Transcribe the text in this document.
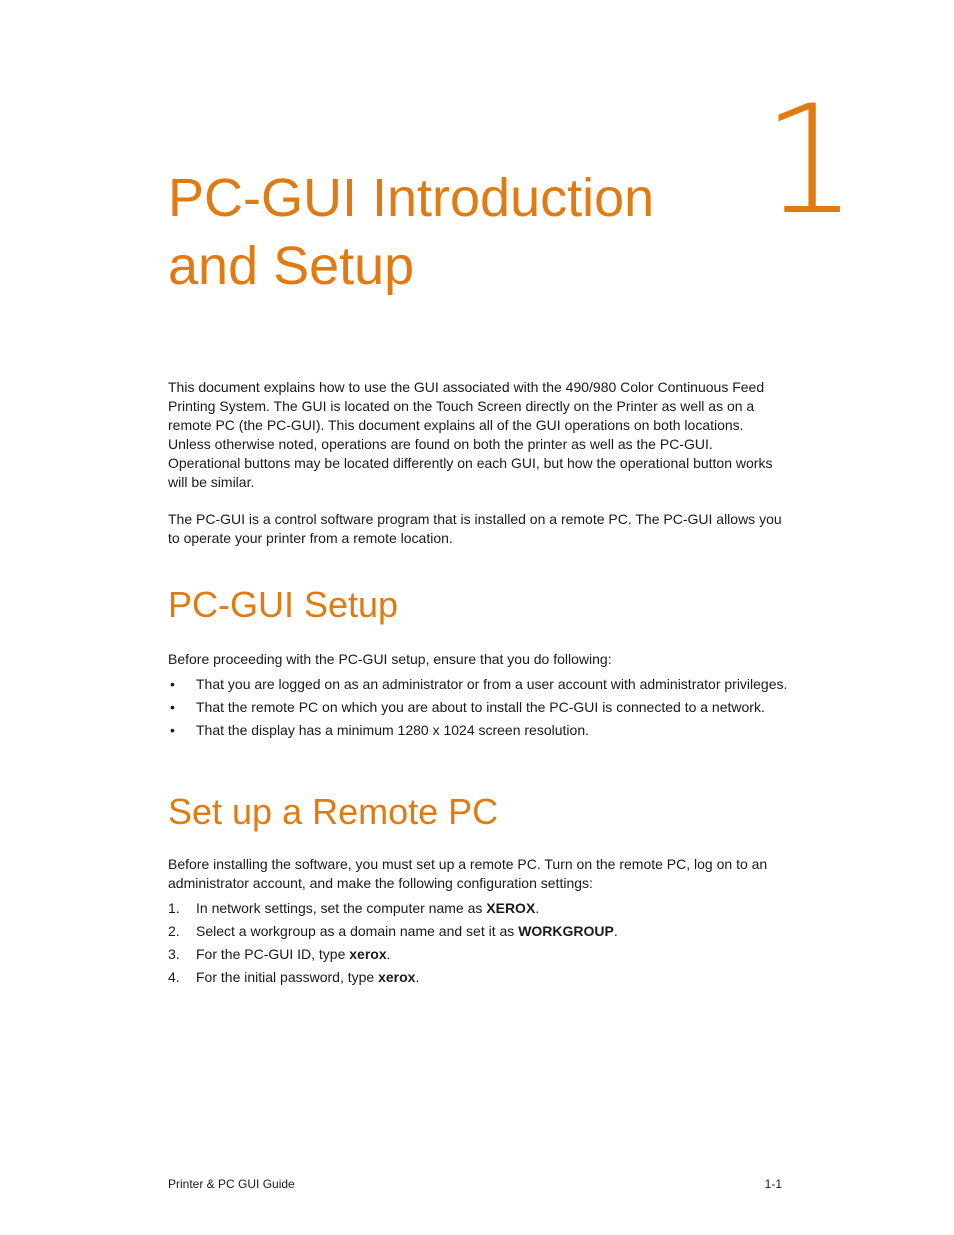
1
PC-GUI Introduction
and Setup

This document explains how to use the GUI associated with the 490/980 Color Continuous Feed Printing System. The GUI is located on the Touch Screen directly on the Printer as well as on a remote PC (the PC-GUI). This document explains all of the GUI operations on both locations. Unless otherwise noted, operations are found on both the printer as well as the PC-GUI. Operational buttons may be located differently on each GUI, but how the operational button works will be similar.

The PC-GUI is a control software program that is installed on a remote PC. The PC-GUI allows you to operate your printer from a remote location.

PC-GUI Setup

Before proceeding with the PC-GUI setup, ensure that you do following:

• That you are logged on as an administrator or from a user account with administrator privileges.
• That the remote PC on which you are about to install the PC-GUI is connected to a network.
• That the display has a minimum 1280 x 1024 screen resolution.
Set up a Remote PC

Before installing the software, you must set up a remote PC. Turn on the remote PC, log on to an administrator account, and make the following configuration settings:

1. In network settings, set the computer name as XEROX.
2. Select a workgroup as a domain name and set it as WORKGROUP.
3. For the PC-GUI ID, type xerox.
4. For the initial password, type xerox.
Printer & PC GUI Guide	1-1
